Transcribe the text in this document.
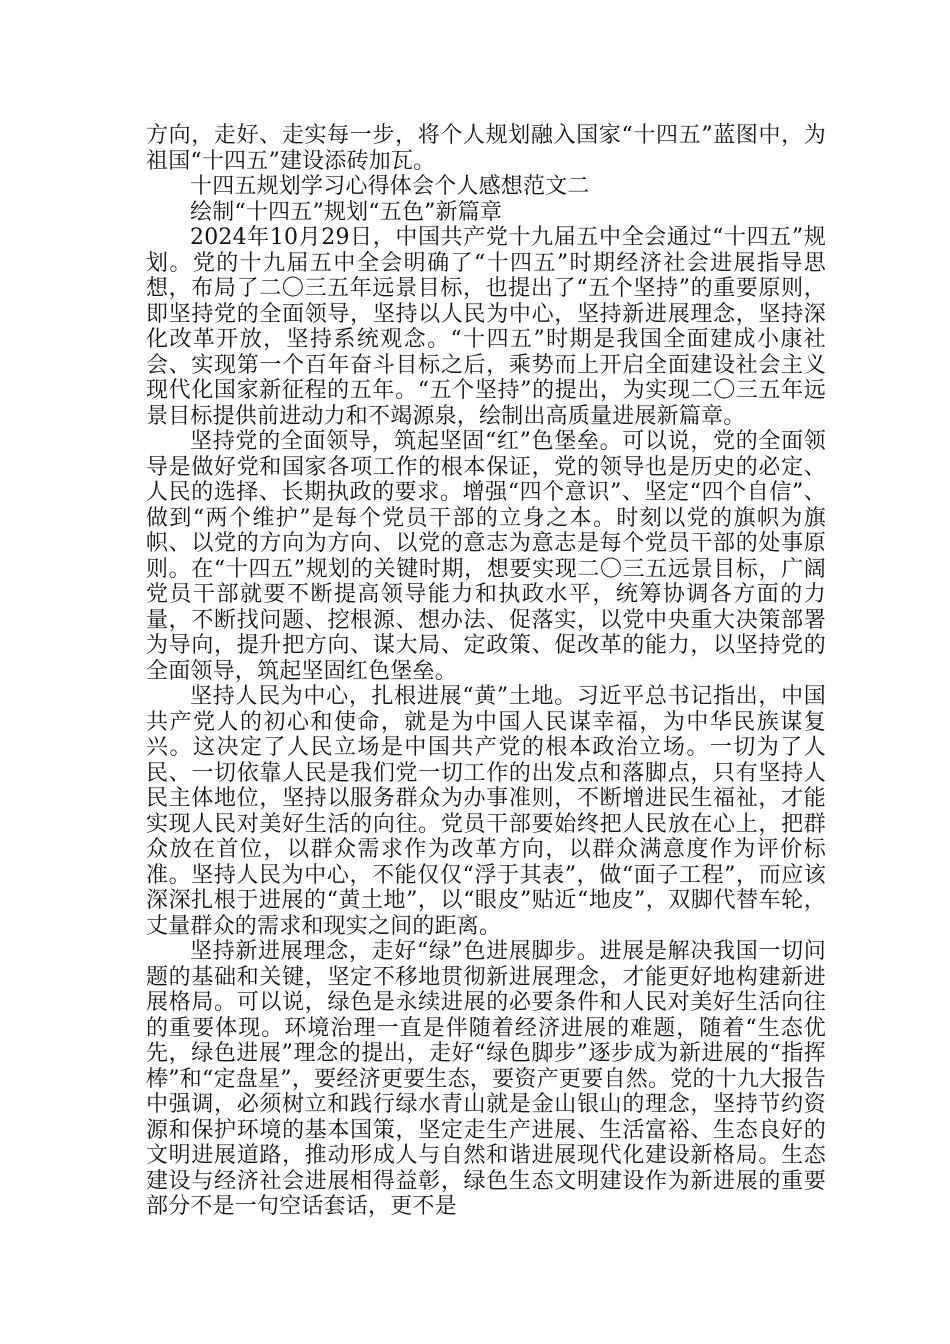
方向，走好、走实每一步，将个人规划融入国家“十四五”蓝图中，为祖国“十四五”建设添砖加瓦。

十四五规划学习心得体会个人感想范文二

绘制“十四五”规划“五色”新篇章

2024年10月29日，中国共产党十九届五中全会通过“十四五”规划。党的十九届五中全会明确了“十四五”时期经济社会进展指导思想，布局了二〇三五年远景目标，也提出了“五个坚持”的重要原则，即坚持党的全面领导，坚持以人民为中心，坚持新进展理念，坚持深化改革开放，坚持系统观念。“十四五”时期是我国全面建成小康社会、实现第一个百年奋斗目标之后，乘势而上开启全面建设社会主义现代化国家新征程的五年。“五个坚持”的提出，为实现二〇三五年远景目标提供前进动力和不竭源泉，绘制出高质量进展新篇章。

坚持党的全面领导，筑起坚固“红”色堡垒。可以说，党的全面领导是做好党和国家各项工作的根本保证，党的领导也是历史的必定、人民的选择、长期执政的要求。增强“四个意识”、坚定“四个自信”、做到“两个维护”是每个党员干部的立身之本。时刻以党的旗帜为旗帜、以党的方向为方向、以党的意志为意志是每个党员干部的处事原则。在“十四五”规划的关键时期，想要实现二〇三五远景目标，广阔党员干部就要不断提高领导能力和执政水平，统筹协调各方面的力量，不断找问题、挖根源、想办法、促落实，以党中央重大决策部署为导向，提升把方向、谋大局、定政策、促改革的能力，以坚持党的全面领导，筑起坚固红色堡垒。

坚持人民为中心，扎根进展“黄”土地。习近平总书记指出，中国共产党人的初心和使命，就是为中国人民谋幸福，为中华民族谋复兴。这决定了人民立场是中国共产党的根本政治立场。一切为了人民、一切依靠人民是我们党一切工作的出发点和落脚点，只有坚持人民主体地位，坚持以服务群众为办事准则，不断增进民生福祉，才能实现人民对美好生活的向往。党员干部要始终把人民放在心上，把群众放在首位，以群众需求作为改革方向，以群众满意度作为评价标准。坚持人民为中心，不能仅仅“浮于其表”，做“面子工程”，而应该深深扎根于进展的“黄土地”，以“眼皮”贴近“地皮”，双脚代替车轮，丈量群众的需求和现实之间的距离。

坚持新进展理念，走好“绿”色进展脚步。进展是解决我国一切问题的基础和关键，坚定不移地贯彻新进展理念，才能更好地构建新进展格局。可以说，绿色是永续进展的必要条件和人民对美好生活向往的重要体现。环境治理一直是伴随着经济进展的难题，随着“生态优先，绿色进展”理念的提出，走好“绿色脚步”逐步成为新进展的“指挥棒”和“定盘星”，要经济更要生态，要资产更要自然。党的十九大报告中强调，必须树立和践行绿水青山就是金山银山的理念，坚持节约资源和保护环境的基本国策，坚定走生产进展、生活富裕、生态良好的文明进展道路，推动形成人与自然和谐进展现代化建设新格局。生态建设与经济社会进展相得益彰，绿色生态文明建设作为新进展的重要部分不是一句空话套话，更不是
